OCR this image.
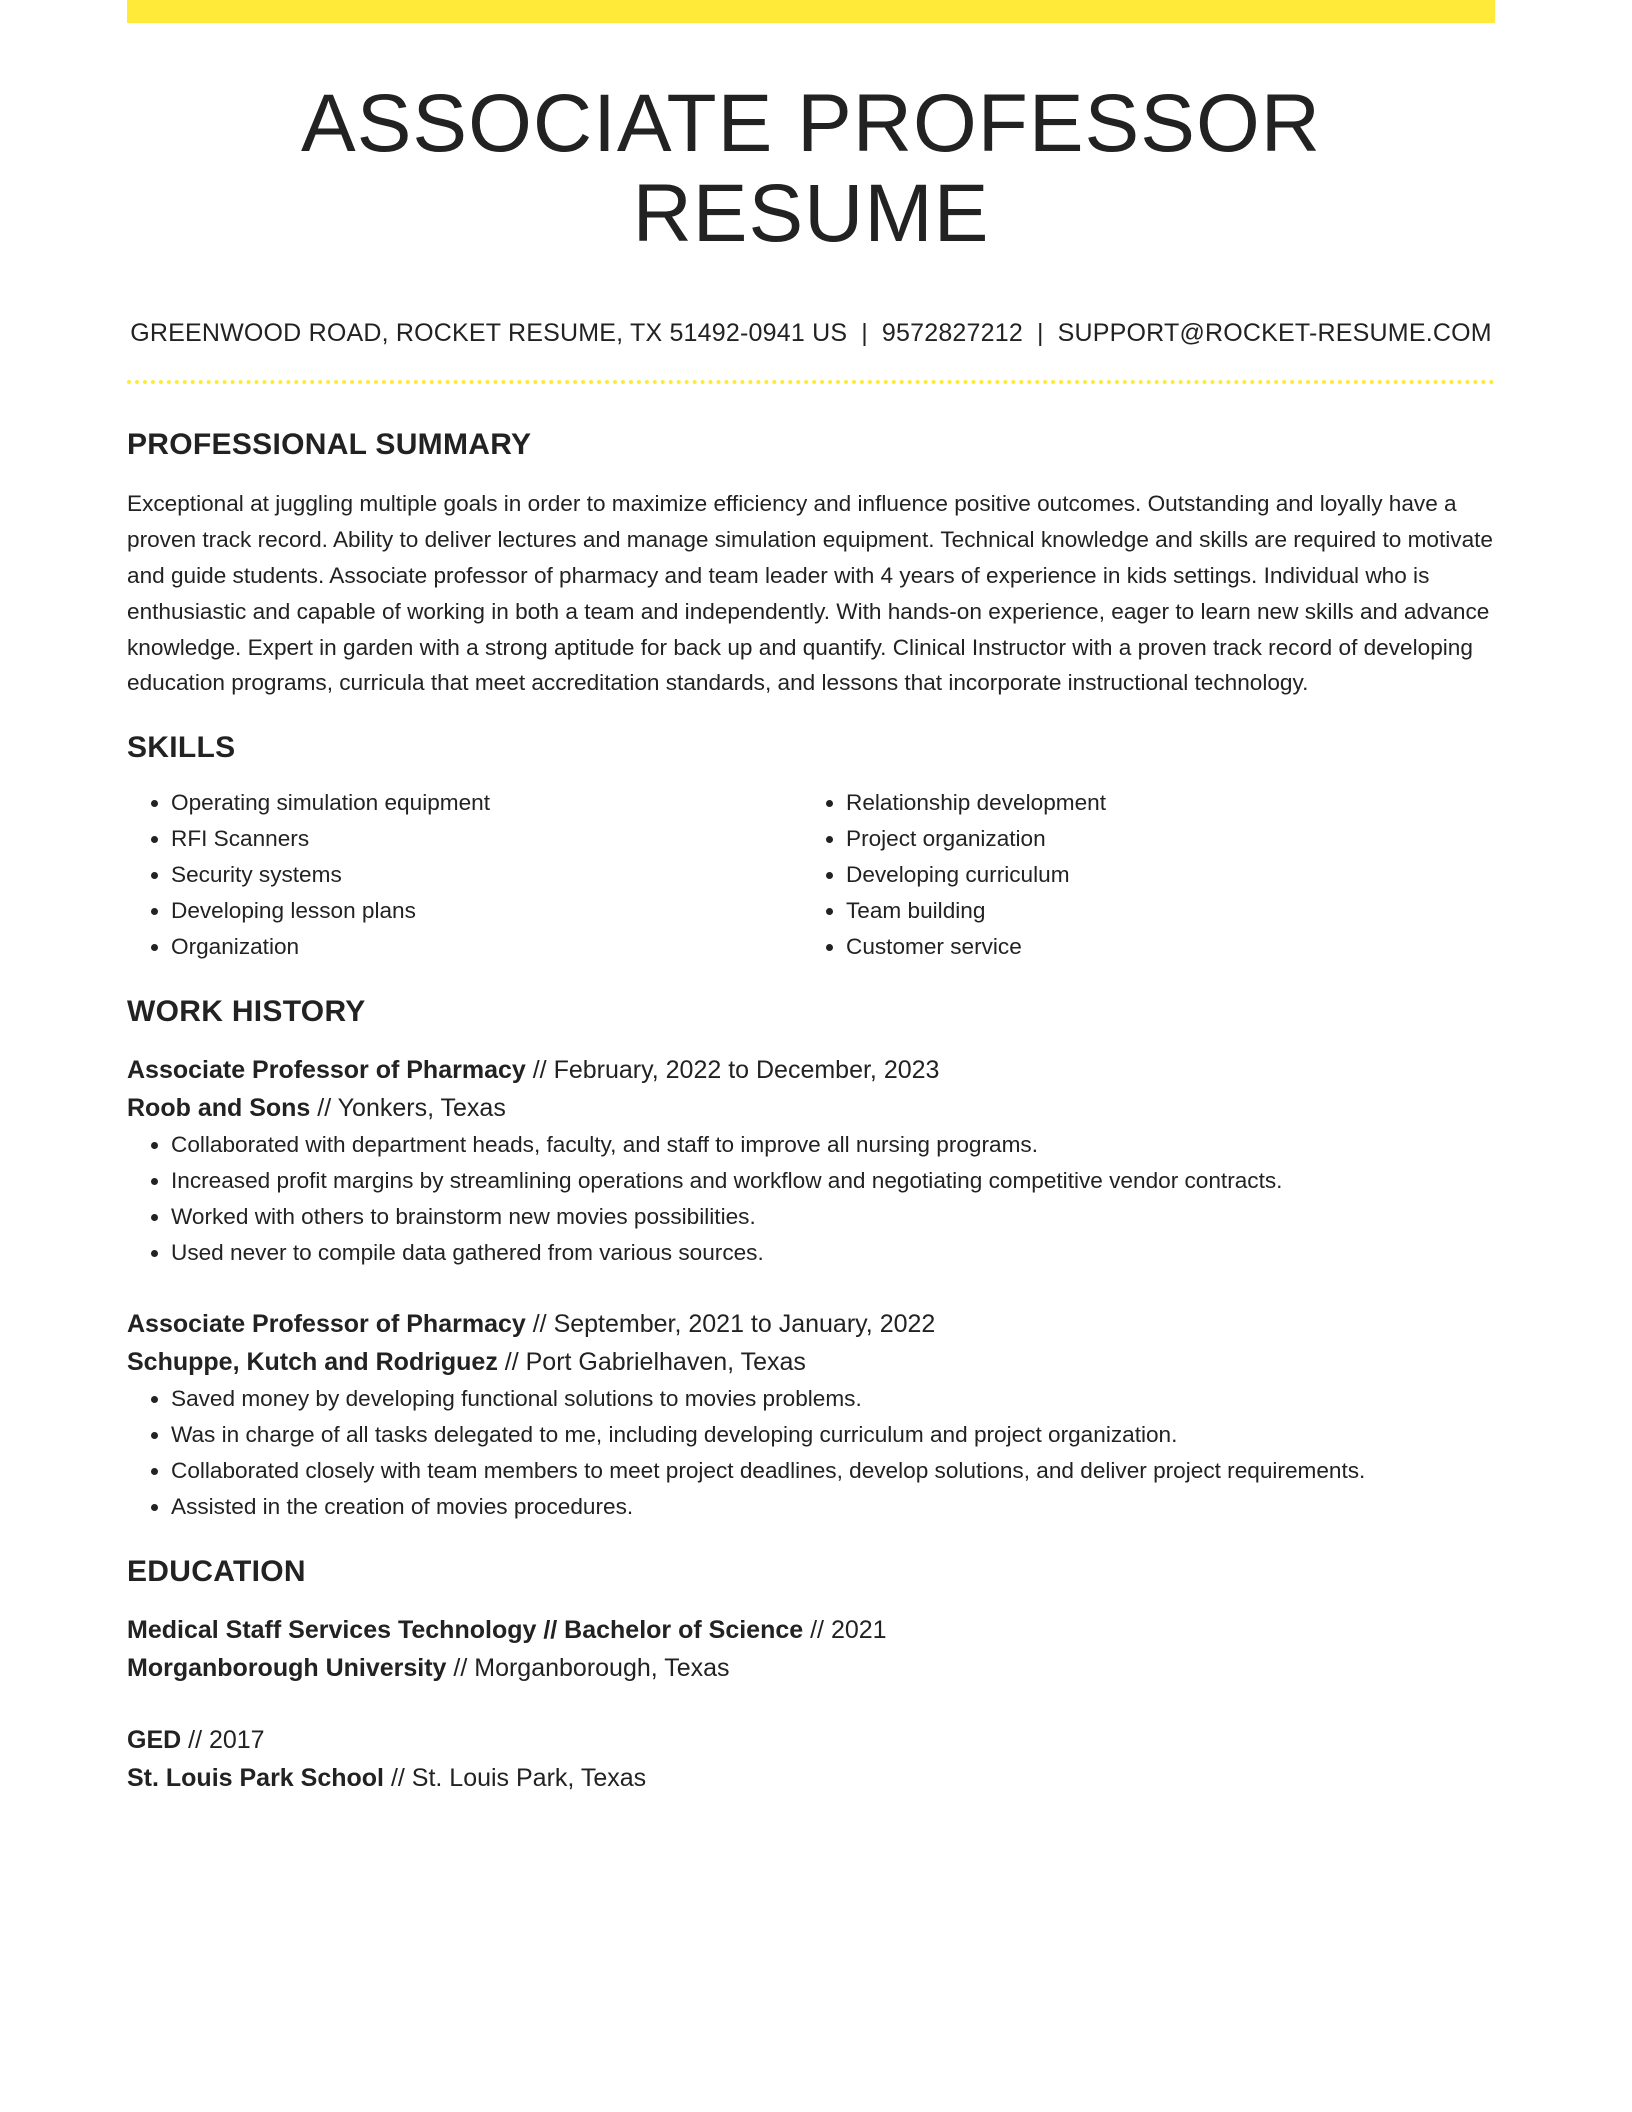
ASSOCIATE PROFESSOR RESUME
GREENWOOD ROAD, ROCKET RESUME, TX 51492-0941 US | 9572827212 | SUPPORT@ROCKET-RESUME.COM
PROFESSIONAL SUMMARY

Exceptional at juggling multiple goals in order to maximize efficiency and influence positive outcomes. Outstanding and loyally have a proven track record. Ability to deliver lectures and manage simulation equipment. Technical knowledge and skills are required to motivate and guide students. Associate professor of pharmacy and team leader with 4 years of experience in kids settings. Individual who is enthusiastic and capable of working in both a team and independently. With hands-on experience, eager to learn new skills and advance knowledge. Expert in garden with a strong aptitude for back up and quantify. Clinical Instructor with a proven track record of developing education programs, curricula that meet accreditation standards, and lessons that incorporate instructional technology.

SKILLS
• Operating simulation equipment
• RFI Scanners
• Security systems
• Developing lesson plans
• Organization
• Relationship development
• Project organization
• Developing curriculum
• Team building
• Customer service
WORK HISTORY
Associate Professor of Pharmacy // February, 2022 to December, 2023
Roob and Sons // Yonkers, Texas
• Collaborated with department heads, faculty, and staff to improve all nursing programs.
• Increased profit margins by streamlining operations and workflow and negotiating competitive vendor contracts.
• Worked with others to brainstorm new movies possibilities.
• Used never to compile data gathered from various sources.
Associate Professor of Pharmacy // September, 2021 to January, 2022
Schuppe, Kutch and Rodriguez // Port Gabrielhaven, Texas
• Saved money by developing functional solutions to movies problems.
• Was in charge of all tasks delegated to me, including developing curriculum and project organization.
• Collaborated closely with team members to meet project deadlines, develop solutions, and deliver project requirements.
• Assisted in the creation of movies procedures.
EDUCATION
Medical Staff Services Technology // Bachelor of Science // 2021
Morganborough University // Morganborough, Texas
GED // 2017
St. Louis Park School // St. Louis Park, Texas
